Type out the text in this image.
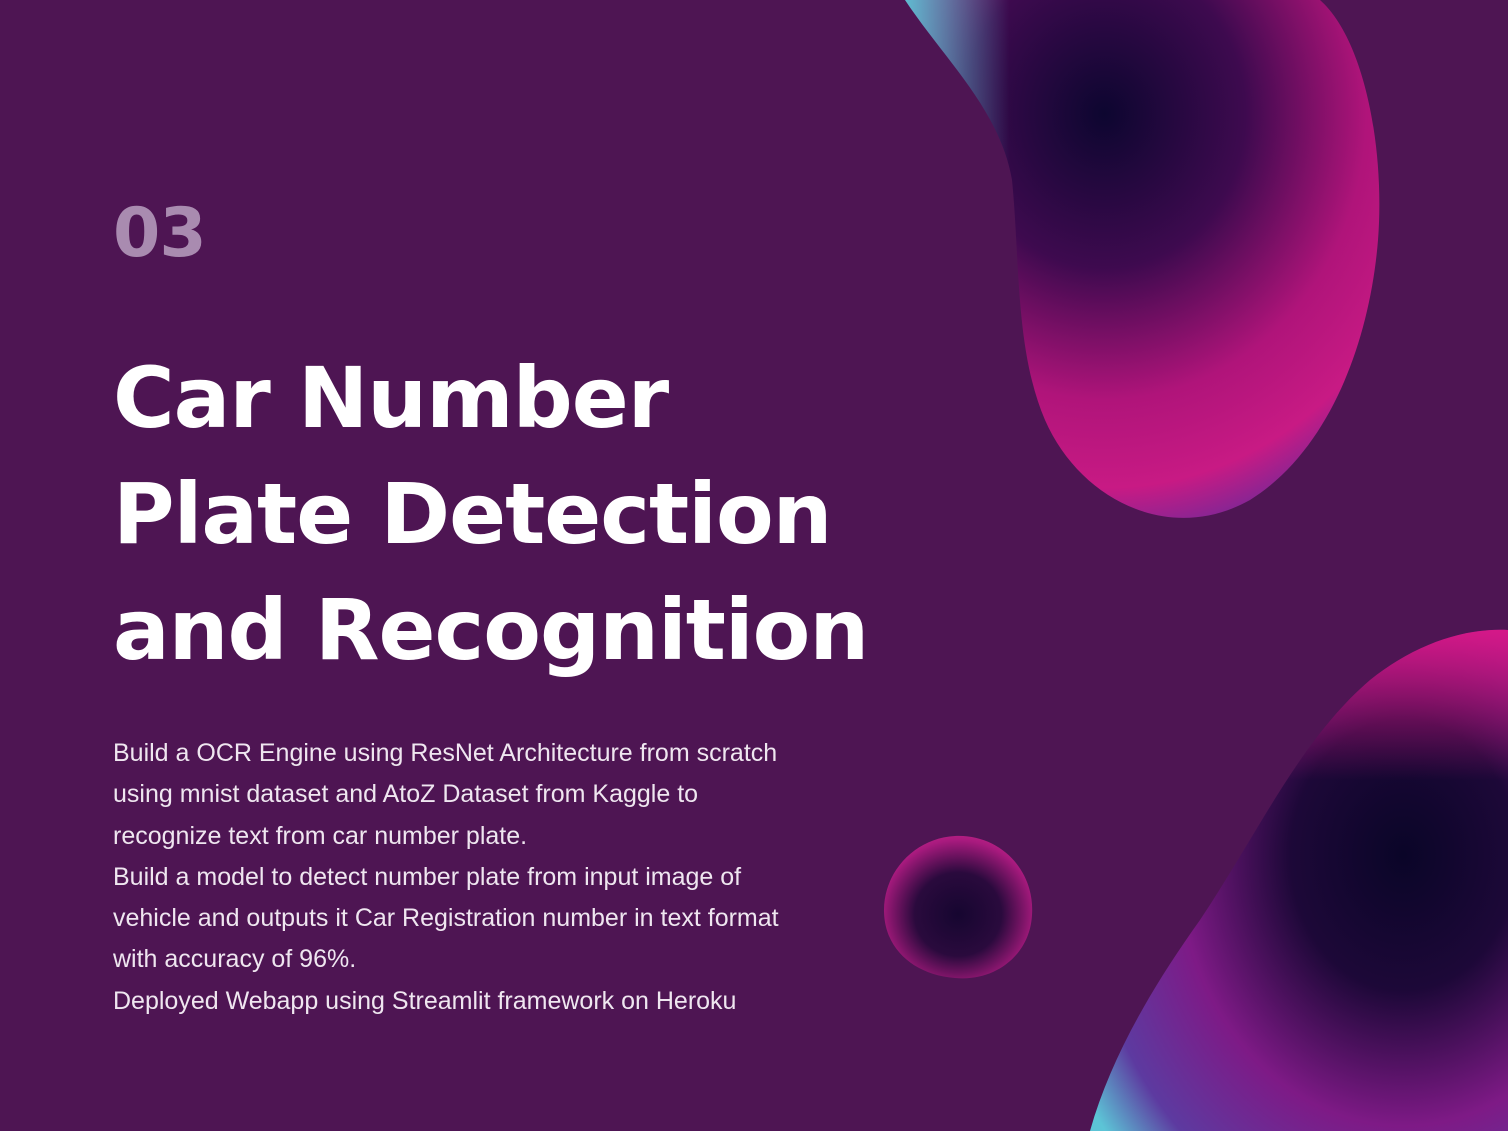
03

Car Number
Plate Detection
and Recognition

Build a OCR Engine using ResNet Architecture from scratch
using mnist dataset and AtoZ Dataset from Kaggle to
recognize text from car number plate.
Build a model to detect number plate from input image of
vehicle and outputs it Car Registration number in text format
with accuracy of 96%.
Deployed Webapp using Streamlit framework on Heroku
